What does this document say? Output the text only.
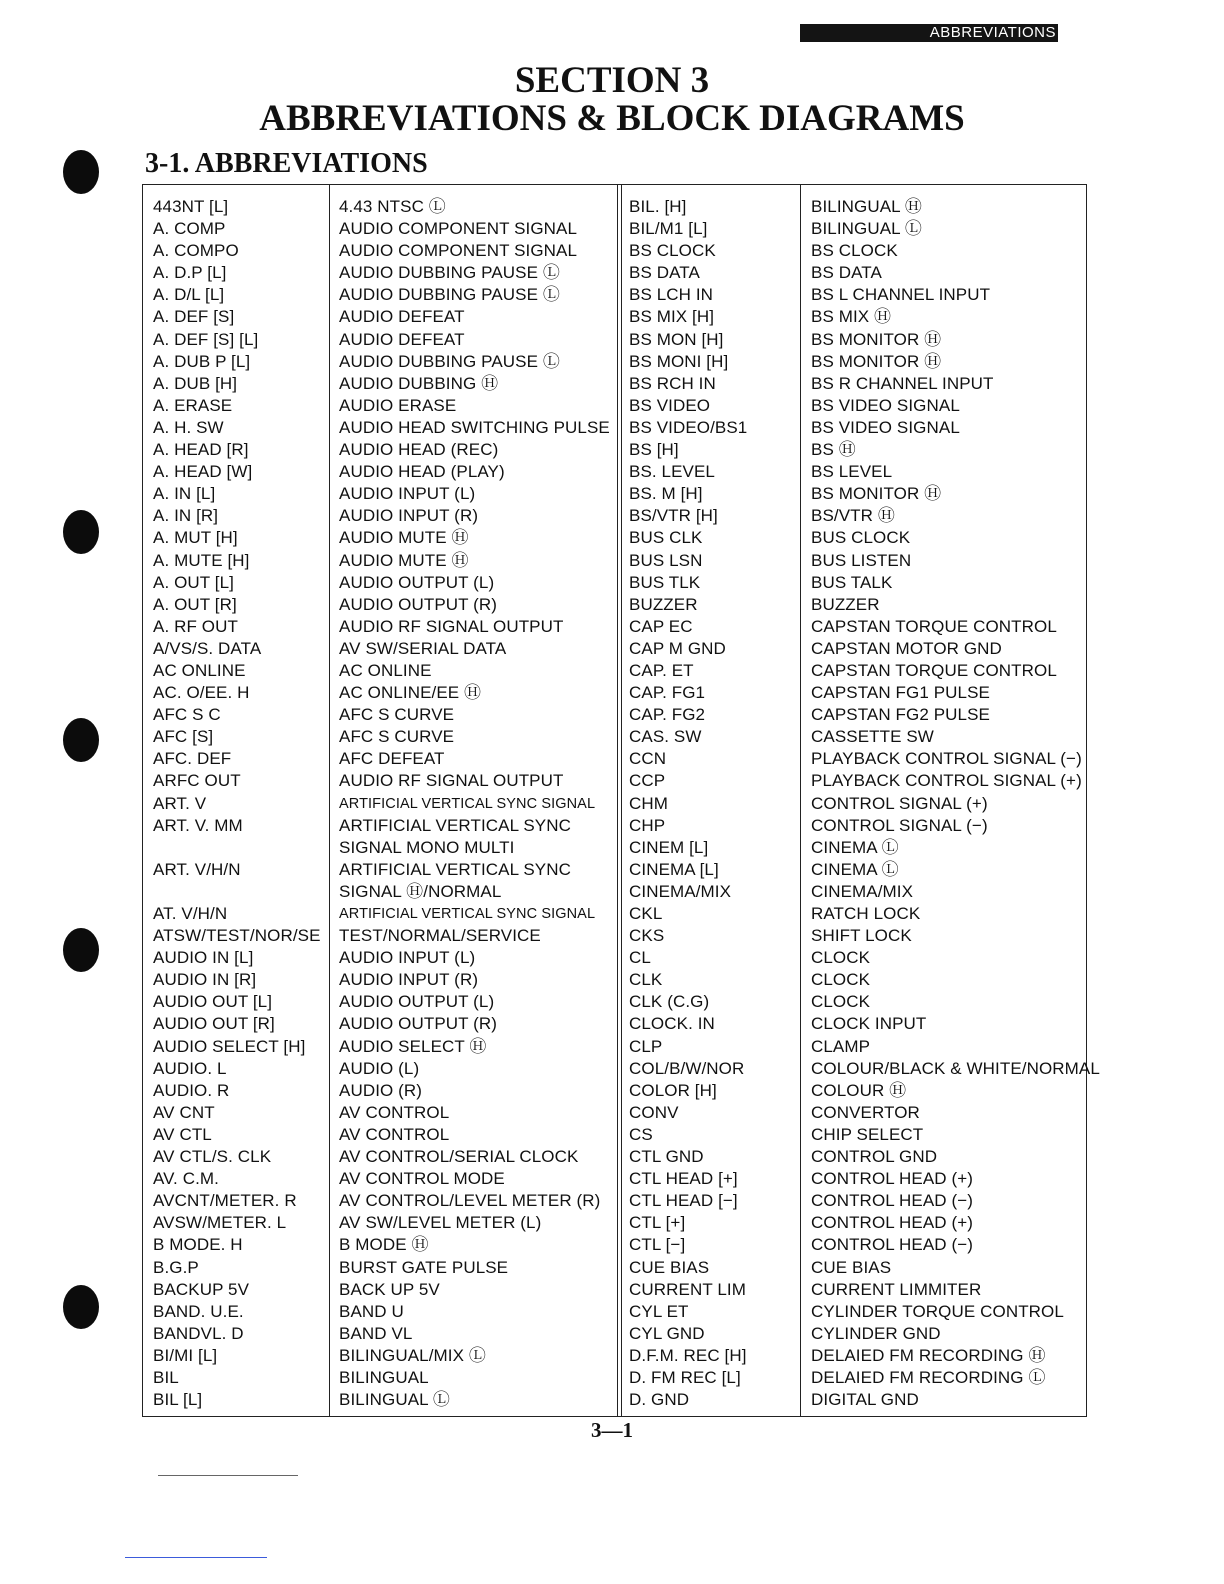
ABBREVIATIONS
SECTION 3
ABBREVIATIONS & BLOCK DIAGRAMS
3-1. ABBREVIATIONS
443NT [L]
A. COMP
A. COMPO
A. D.P [L]
A. D/L [L]
A. DEF [S]
A. DEF [S] [L]
A. DUB P [L]
A. DUB [H]
A. ERASE
A. H. SW
A. HEAD [R]
A. HEAD [W]
A. IN [L]
A. IN [R]
A. MUT [H]
A. MUTE [H]
A. OUT [L]
A. OUT [R]
A. RF OUT
A/VS/S. DATA
AC ONLINE
AC. O/EE. H
AFC S C
AFC [S]
AFC. DEF
ARFC OUT
ART. V
ART. V. MM
ART. V/H/N
AT. V/H/N
ATSW/TEST/NOR/SE
AUDIO IN [L]
AUDIO IN [R]
AUDIO OUT [L]
AUDIO OUT [R]
AUDIO SELECT [H]
AUDIO. L
AUDIO. R
AV CNT
AV CTL
AV CTL/S. CLK
AV. C.M.
AVCNT/METER. R
AVSW/METER. L
B MODE. H
B.G.P
BACKUP 5V
BAND. U.E.
BANDVL. D
BI/MI [L]
BIL
BIL [L]
4.43 NTSC Ⓛ
AUDIO COMPONENT SIGNAL
AUDIO COMPONENT SIGNAL
AUDIO DUBBING PAUSE Ⓛ
AUDIO DUBBING PAUSE Ⓛ
AUDIO DEFEAT
AUDIO DEFEAT
AUDIO DUBBING PAUSE Ⓛ
AUDIO DUBBING Ⓗ
AUDIO ERASE
AUDIO HEAD SWITCHING PULSE
AUDIO HEAD (REC)
AUDIO HEAD (PLAY)
AUDIO INPUT (L)
AUDIO INPUT (R)
AUDIO MUTE Ⓗ
AUDIO MUTE Ⓗ
AUDIO OUTPUT (L)
AUDIO OUTPUT (R)
AUDIO RF SIGNAL OUTPUT
AV SW/SERIAL DATA
AC ONLINE
AC ONLINE/EE Ⓗ
AFC S CURVE
AFC S CURVE
AFC DEFEAT
AUDIO RF SIGNAL OUTPUT
ARTIFICIAL VERTICAL SYNC SIGNAL
ARTIFICIAL VERTICAL SYNC
SIGNAL MONO MULTI
ARTIFICIAL VERTICAL SYNC
SIGNAL Ⓗ/NORMAL
ARTIFICIAL VERTICAL SYNC SIGNAL
TEST/NORMAL/SERVICE
AUDIO INPUT (L)
AUDIO INPUT (R)
AUDIO OUTPUT (L)
AUDIO OUTPUT (R)
AUDIO SELECT Ⓗ
AUDIO (L)
AUDIO (R)
AV CONTROL
AV CONTROL
AV CONTROL/SERIAL CLOCK
AV CONTROL MODE
AV CONTROL/LEVEL METER (R)
AV SW/LEVEL METER (L)
B MODE Ⓗ
BURST GATE PULSE
BACK UP 5V
BAND U
BAND VL
BILINGUAL/MIX Ⓛ
BILINGUAL
BILINGUAL Ⓛ
BIL. [H]
BIL/M1 [L]
BS CLOCK
BS DATA
BS LCH IN
BS MIX [H]
BS MON [H]
BS MONI [H]
BS RCH IN
BS VIDEO
BS VIDEO/BS1
BS [H]
BS. LEVEL
BS. M [H]
BS/VTR [H]
BUS CLK
BUS LSN
BUS TLK
BUZZER
CAP EC
CAP M GND
CAP. ET
CAP. FG1
CAP. FG2
CAS. SW
CCN
CCP
CHM
CHP
CINEM [L]
CINEMA [L]
CINEMA/MIX
CKL
CKS
CL
CLK
CLK (C.G)
CLOCK. IN
CLP
COL/B/W/NOR
COLOR [H]
CONV
CS
CTL GND
CTL HEAD [+]
CTL HEAD [−]
CTL [+]
CTL [−]
CUE BIAS
CURRENT LIM
CYL ET
CYL GND
D.F.M. REC [H]
D. FM REC [L]
D. GND
BILINGUAL Ⓗ
BILINGUAL Ⓛ
BS CLOCK
BS DATA
BS L CHANNEL INPUT
BS MIX Ⓗ
BS MONITOR Ⓗ
BS MONITOR Ⓗ
BS R CHANNEL INPUT
BS VIDEO SIGNAL
BS VIDEO SIGNAL
BS Ⓗ
BS LEVEL
BS MONITOR Ⓗ
BS/VTR Ⓗ
BUS CLOCK
BUS LISTEN
BUS TALK
BUZZER
CAPSTAN TORQUE CONTROL
CAPSTAN MOTOR GND
CAPSTAN TORQUE CONTROL
CAPSTAN FG1 PULSE
CAPSTAN FG2 PULSE
CASSETTE SW
PLAYBACK CONTROL SIGNAL (−)
PLAYBACK CONTROL SIGNAL (+)
CONTROL SIGNAL (+)
CONTROL SIGNAL (−)
CINEMA Ⓛ
CINEMA Ⓛ
CINEMA/MIX
RATCH LOCK
SHIFT LOCK
CLOCK
CLOCK
CLOCK
CLOCK INPUT
CLAMP
COLOUR/BLACK & WHITE/NORMAL
COLOUR Ⓗ
CONVERTOR
CHIP SELECT
CONTROL GND
CONTROL HEAD (+)
CONTROL HEAD (−)
CONTROL HEAD (+)
CONTROL HEAD (−)
CUE BIAS
CURRENT LIMMITER
CYLINDER TORQUE CONTROL
CYLINDER GND
DELAIED FM RECORDING Ⓗ
DELAIED FM RECORDING Ⓛ
DIGITAL GND
3—1
